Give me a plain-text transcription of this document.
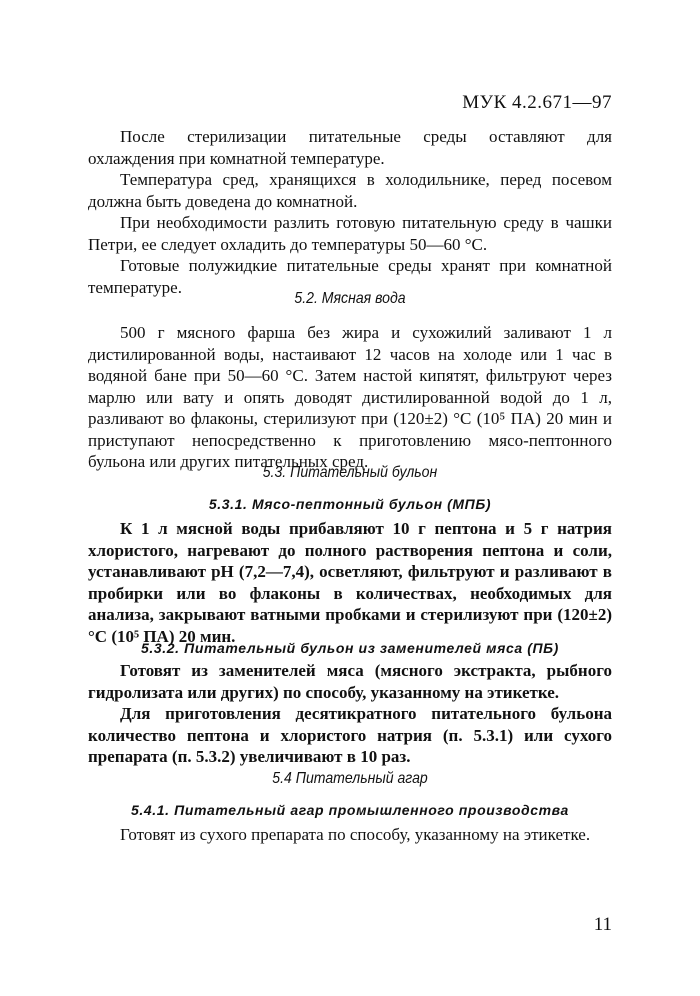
МУК 4.2.671—97

После стерилизации питательные среды оставляют для охлаждения при комнатной температуре.

Температура сред, хранящихся в холодильнике, перед посевом должна быть доведена до комнатной.

При необходимости разлить готовую питательную среду в чашки Петри, ее следует охладить до температуры 50—60 °С.

Готовые полужидкие питательные среды хранят при комнатной температуре.

5.2. Мясная вода

500 г мясного фарша без жира и сухожилий заливают 1 л дистилированной воды, настаивают 12 часов на холоде или 1 час в водяной бане при 50—60 °С. Затем настой кипятят, фильтруют через марлю или вату и опять доводят дистилированной водой до 1 л, разливают во флаконы, стерилизуют при (120±2) °С (10⁵ ПА) 20 мин и приступают непосредственно к приготовлению мясо-пептонного бульона или других питательных сред.

5.3. Питательный бульон
5.3.1. Мясо-пептонный бульон (МПБ)

К 1 л мясной воды прибавляют 10 г пептона и 5 г натрия хлористого, нагревают до полного растворения пептона и соли, устанавливают pH (7,2—7,4), осветляют, фильтруют и разливают в пробирки или во флаконы в количествах, необходимых для анализа, закрывают ватными пробками и стерилизуют при (120±2) °С (10⁵ ПА) 20 мин.

5.3.2. Питательный бульон из заменителей мяса (ПБ)

Готовят из заменителей мяса (мясного экстракта, рыбного гидролизата или других) по способу, указанному на этикетке.

Для приготовления десятикратного питательного бульона количество пептона и хлористого натрия (п. 5.3.1) или сухого препарата (п. 5.3.2) увеличивают в 10 раз.

5.4 Питательный агар
5.4.1. Питательный агар промышленного производства

Готовят из сухого препарата по способу, указанному на этикетке.

11
